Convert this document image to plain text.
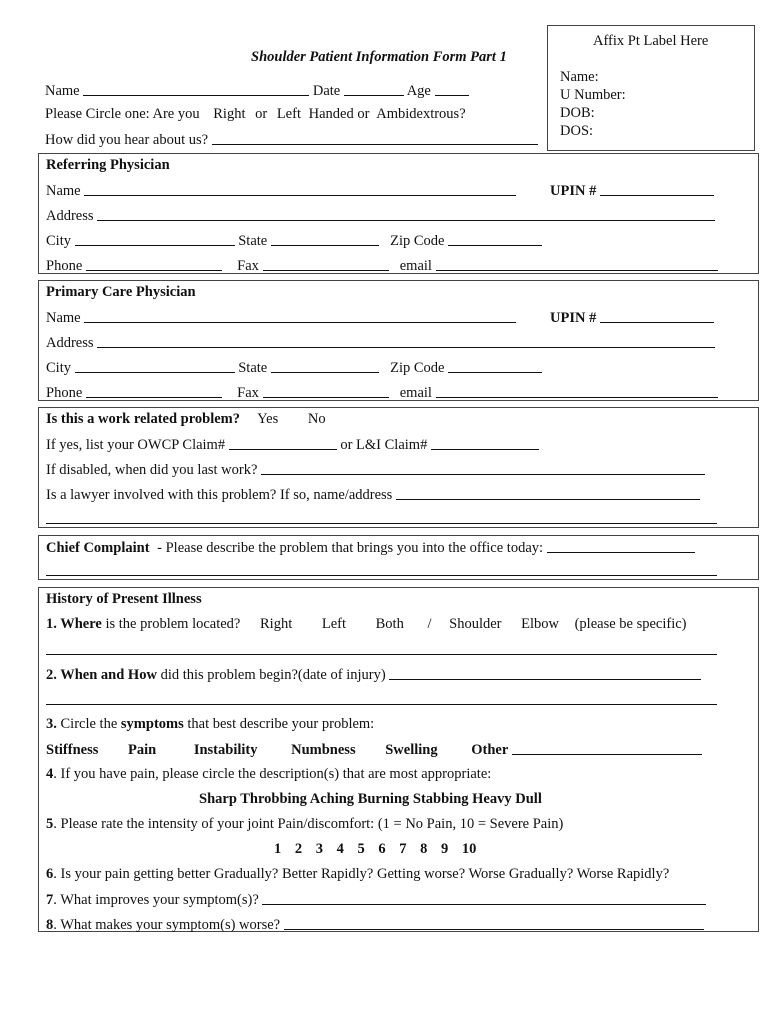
Shoulder Patient Information Form Part 1
Affix Pt Label Here
Name:
U Number:
DOB:
DOS:
Name	Date	Age
Please Circle one: Are you Right or Left Handed or Ambidextrous?
How did you hear about us?
Referring Physician
Name	UPIN #
Address
City	State	Zip Code
Phone	Fax	email
Primary Care Physician
Name	UPIN #
Address
City	State	Zip Code
Phone	Fax	email
Is this a work related problem? Yes No
If yes, list your OWCP Claim#	or L&I Claim#
If disabled, when did you last work?
Is a lawyer involved with this problem? If so, name/address
Chief Complaint - Please describe the problem that brings you into the office today:
History of Present Illness
1. Where is the problem located? Right Left Both / Shoulder Elbow (please be specific)
2. When and How did this problem begin?(date of injury)
3. Circle the symptoms that best describe your problem:
Stiffness Pain	Instability Numbness Swelling Other
4. If you have pain, please circle the description(s) that are most appropriate:
Sharp Throbbing Aching Burning Stabbing Heavy Dull
5. Please rate the intensity of your joint Pain/discomfort: (1 = No Pain, 10 = Severe Pain)
1 2 3 4 5 6 7 8 9 10
6. Is your pain getting better Gradually? Better Rapidly? Getting worse? Worse Gradually? Worse Rapidly?
7. What improves your symptom(s)?
8. What makes your symptom(s) worse?
